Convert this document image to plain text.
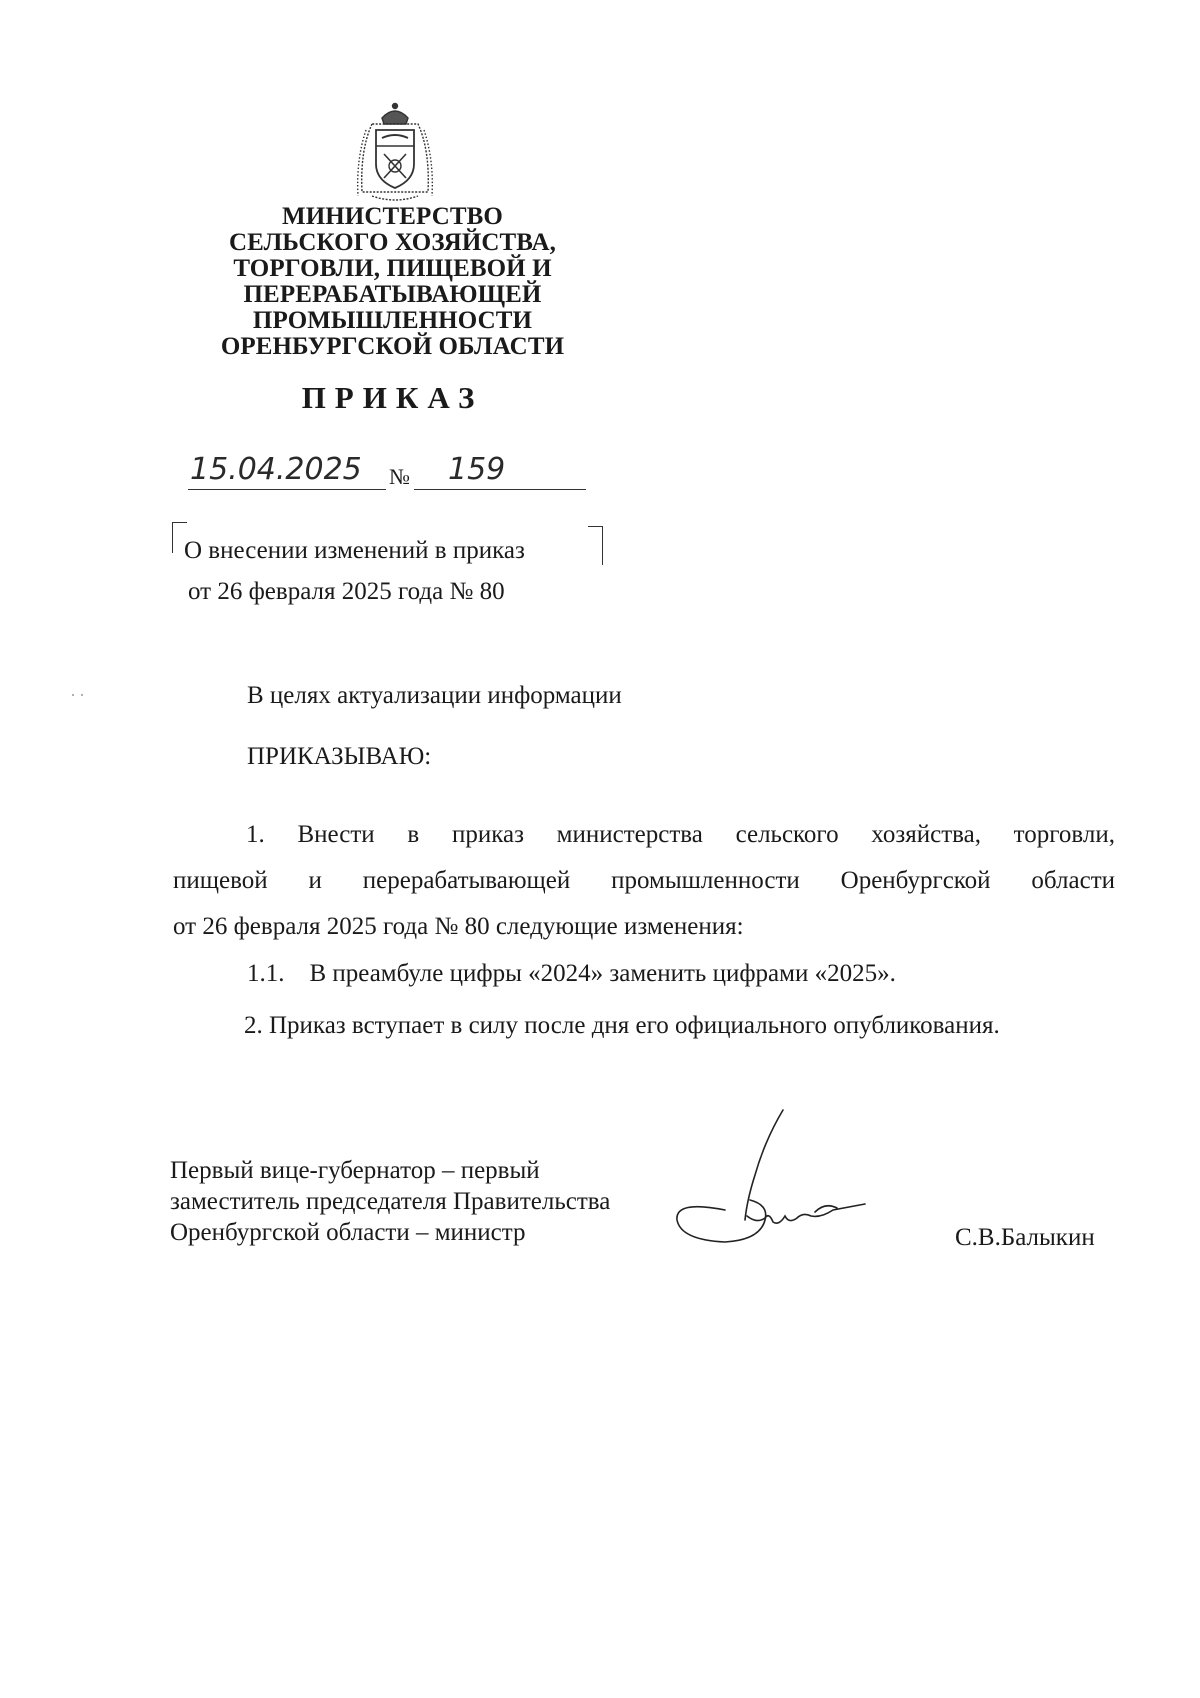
МИНИСТЕРСТВО
СЕЛЬСКОГО ХОЗЯЙСТВА,
ТОРГОВЛИ, ПИЩЕВОЙ И
ПЕРЕРАБАТЫВАЮЩЕЙ
ПРОМЫШЛЕННОСТИ
ОРЕНБУРГСКОЙ ОБЛАСТИ
ПРИКАЗ
15.04.2025 № 159
О внесении изменений в приказ
от 26 февраля 2025 года № 80
В целях актуализации информации
ПРИКАЗЫВАЮ:
1. Внести в приказ министерства сельского хозяйства, торговли,
пищевой и перерабатывающей промышленности Оренбургской области
от 26 февраля 2025 года № 80 следующие изменения:
1.1.    В преамбуле цифры «2024» заменить цифрами «2025».
2. Приказ вступает в силу после дня его официального опубликования.
Первый вице-губернатор – первый
заместитель председателя Правительства
Оренбургской области – министр	С.В.Балыкин
